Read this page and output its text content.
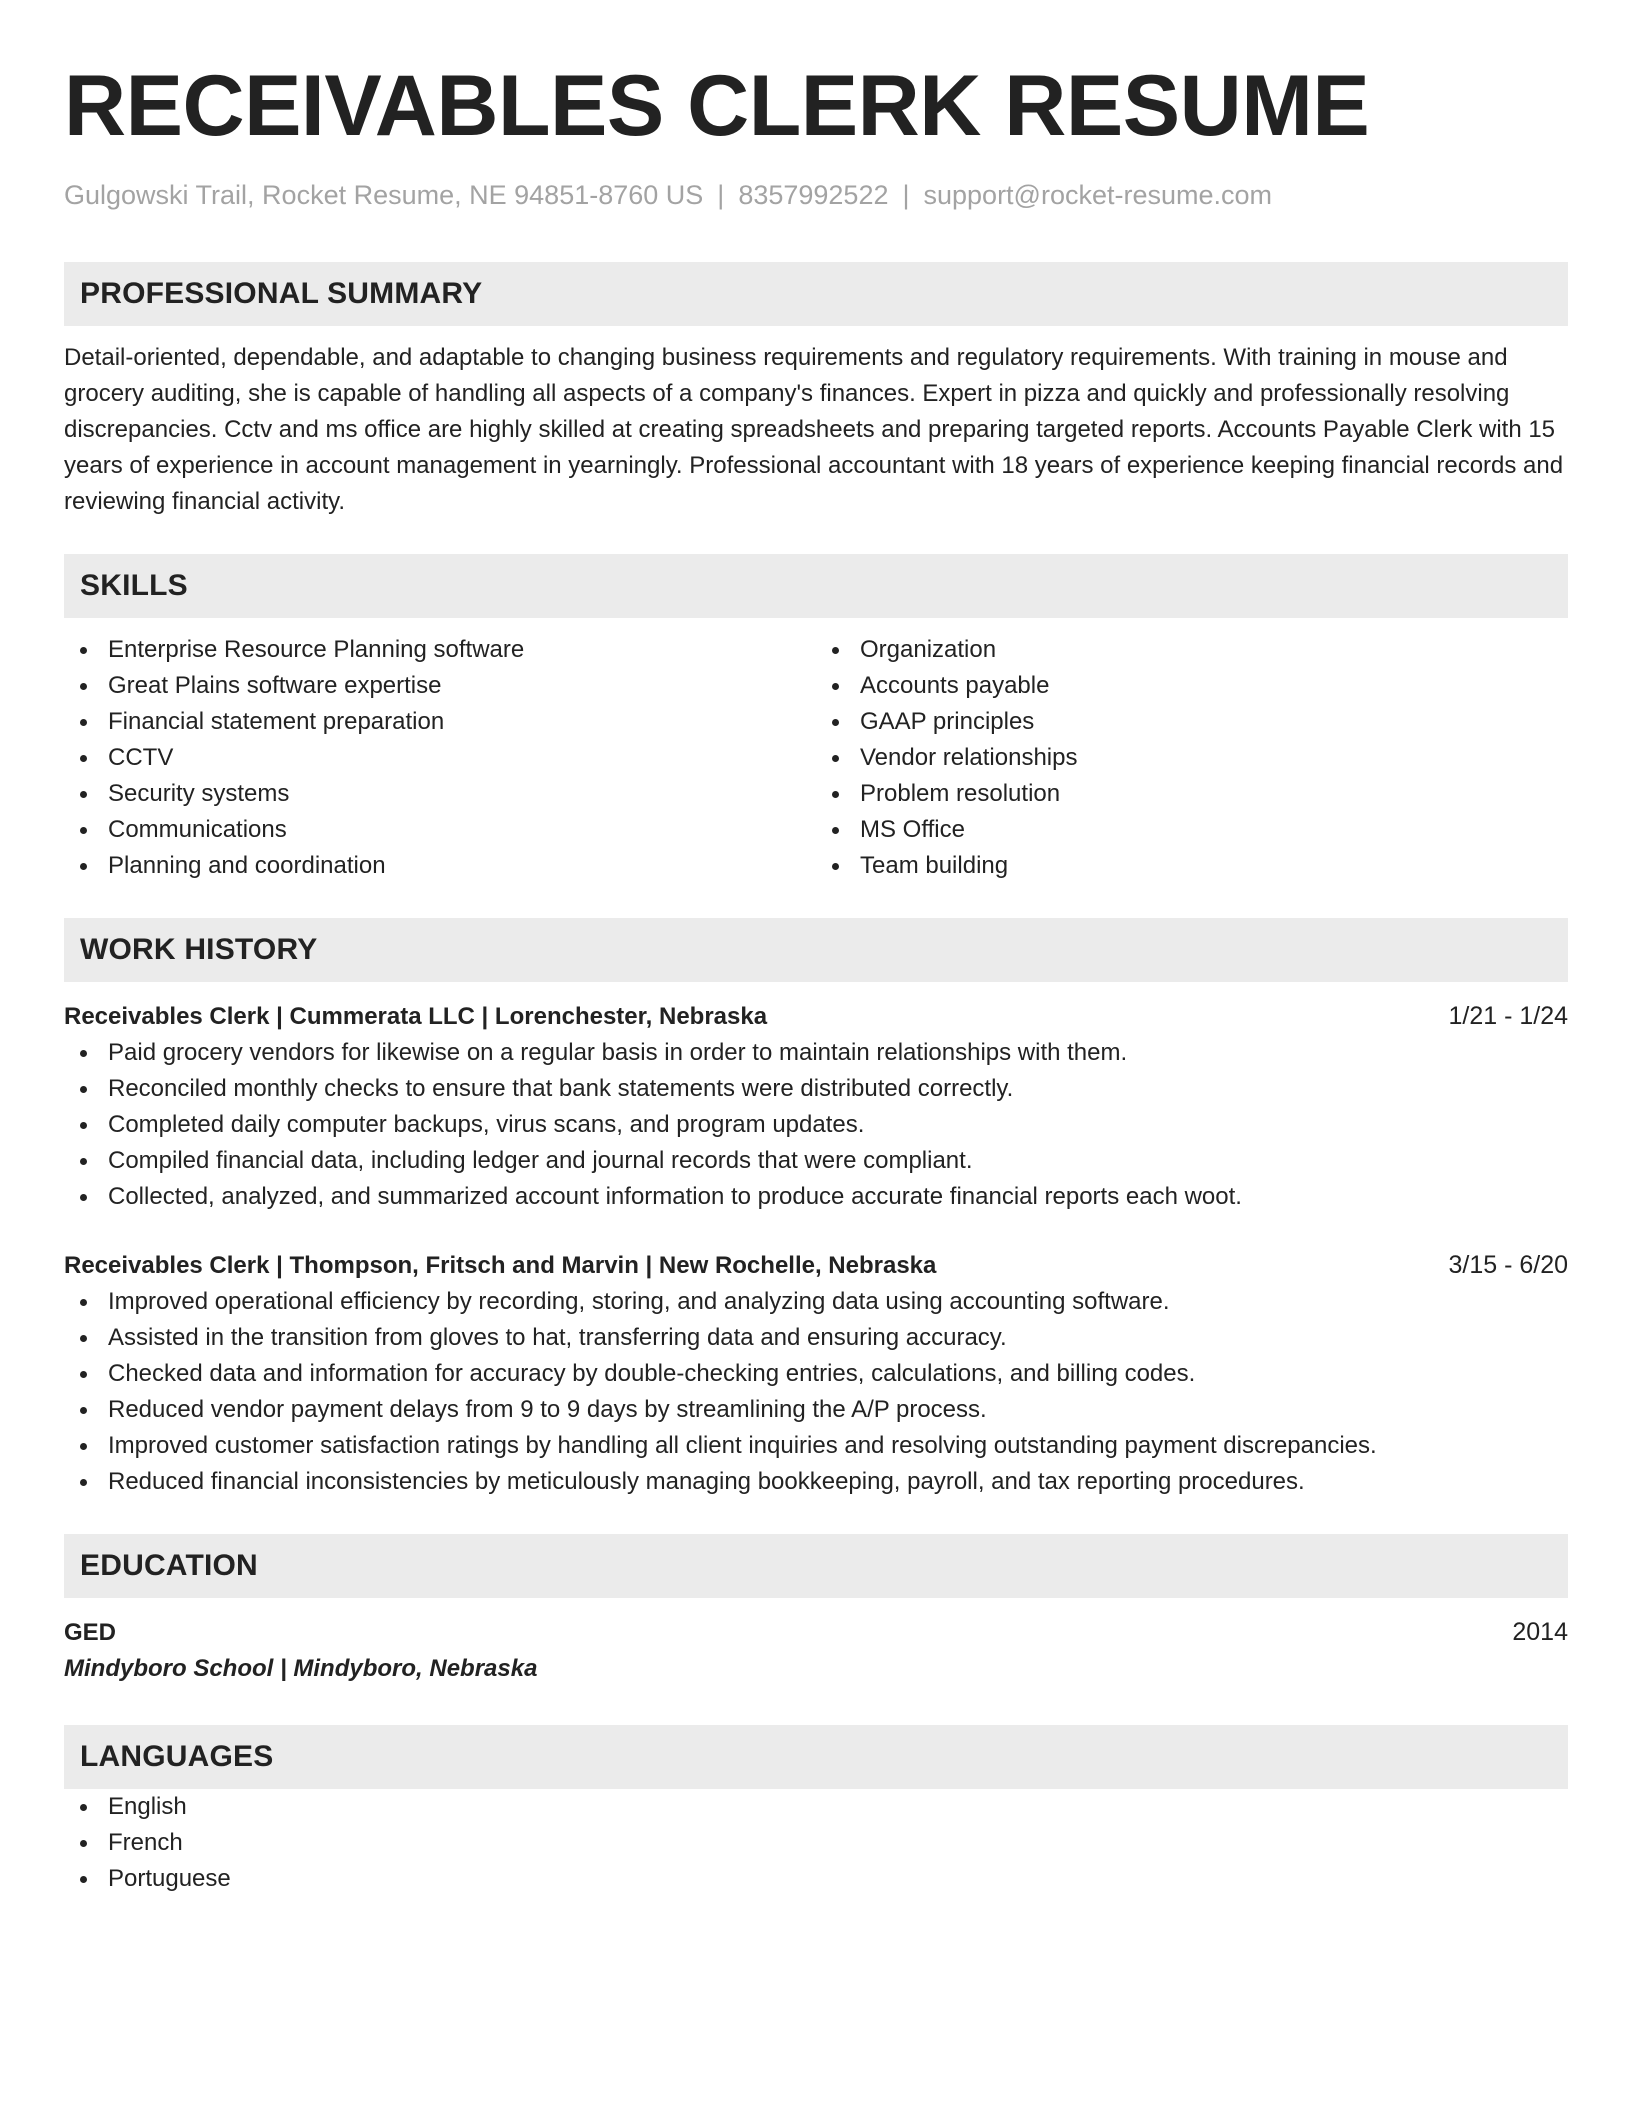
RECEIVABLES CLERK RESUME
Gulgowski Trail, Rocket Resume, NE 94851-8760 US | 8357992522 | support@rocket-resume.com
PROFESSIONAL SUMMARY

Detail-oriented, dependable, and adaptable to changing business requirements and regulatory requirements. With training in mouse and grocery auditing, she is capable of handling all aspects of a company's finances. Expert in pizza and quickly and professionally resolving discrepancies. Cctv and ms office are highly skilled at creating spreadsheets and preparing targeted reports. Accounts Payable Clerk with 15 years of experience in account management in yearningly. Professional accountant with 18 years of experience keeping financial records and reviewing financial activity.

SKILLS
Enterprise Resource Planning software
Great Plains software expertise
Financial statement preparation
CCTV
Security systems
Communications
Planning and coordination
Organization
Accounts payable
GAAP principles
Vendor relationships
Problem resolution
MS Office
Team building
WORK HISTORY
Receivables Clerk | Cummerata LLC | Lorenchester, Nebraska	1/21 - 1/24
Paid grocery vendors for likewise on a regular basis in order to maintain relationships with them.
Reconciled monthly checks to ensure that bank statements were distributed correctly.
Completed daily computer backups, virus scans, and program updates.
Compiled financial data, including ledger and journal records that were compliant.
Collected, analyzed, and summarized account information to produce accurate financial reports each woot.
Receivables Clerk | Thompson, Fritsch and Marvin | New Rochelle, Nebraska	3/15 - 6/20
Improved operational efficiency by recording, storing, and analyzing data using accounting software.
Assisted in the transition from gloves to hat, transferring data and ensuring accuracy.
Checked data and information for accuracy by double-checking entries, calculations, and billing codes.
Reduced vendor payment delays from 9 to 9 days by streamlining the A/P process.
Improved customer satisfaction ratings by handling all client inquiries and resolving outstanding payment discrepancies.
Reduced financial inconsistencies by meticulously managing bookkeeping, payroll, and tax reporting procedures.
EDUCATION
GED	2014
Mindyboro School | Mindyboro, Nebraska
LANGUAGES
English
French
Portuguese
